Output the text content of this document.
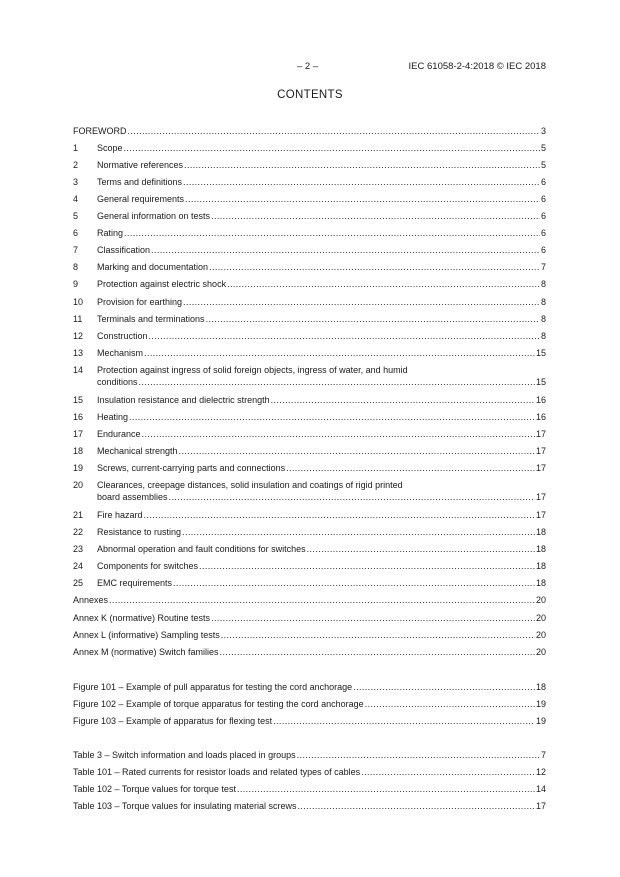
– 2 –	IEC 61058-2-4:2018 © IEC 2018
CONTENTS
FOREWORD .....	3
1 Scope .....	5
2 Normative references .....	5
3 Terms and definitions .....	6
4 General requirements .....	6
5 General information on tests .....	6
6 Rating .....	6
7 Classification .....	6
8 Marking and documentation .....	7
9 Protection against electric shock .....	8
10 Provision for earthing .....	8
11 Terminals and terminations .....	8
12 Construction .....	8
13 Mechanism .....	15
14 Protection against ingress of solid foreign objects, ingress of water, and humid
conditions .....	15
15 Insulation resistance and dielectric strength .....	16
16 Heating .....	16
17 Endurance .....	17
18 Mechanical strength .....	17
19 Screws, current-carrying parts and connections .....	17
20 Clearances, creepage distances, solid insulation and coatings of rigid printed
board assemblies .....	17
21 Fire hazard .....	17
22 Resistance to rusting .....	18
23 Abnormal operation and fault conditions for switches .....	18
24 Components for switches .....	18
25 EMC requirements .....	18
Annexes .....	20
Annex K (normative) Routine tests .....	20
Annex L (informative) Sampling tests .....	20
Annex M (normative) Switch families .....	20
Figure 101 – Example of pull apparatus for testing the cord anchorage .....	18
Figure 102 – Example of torque apparatus for testing the cord anchorage .....	19
Figure 103 – Example of apparatus for flexing test .....	19
Table 3 – Switch information and loads placed in groups .....	7
Table 101 – Rated currents for resistor loads and related types of cables .....	12
Table 102 – Torque values for torque test .....	14
Table 103 – Torque values for insulating material screws .....	17
